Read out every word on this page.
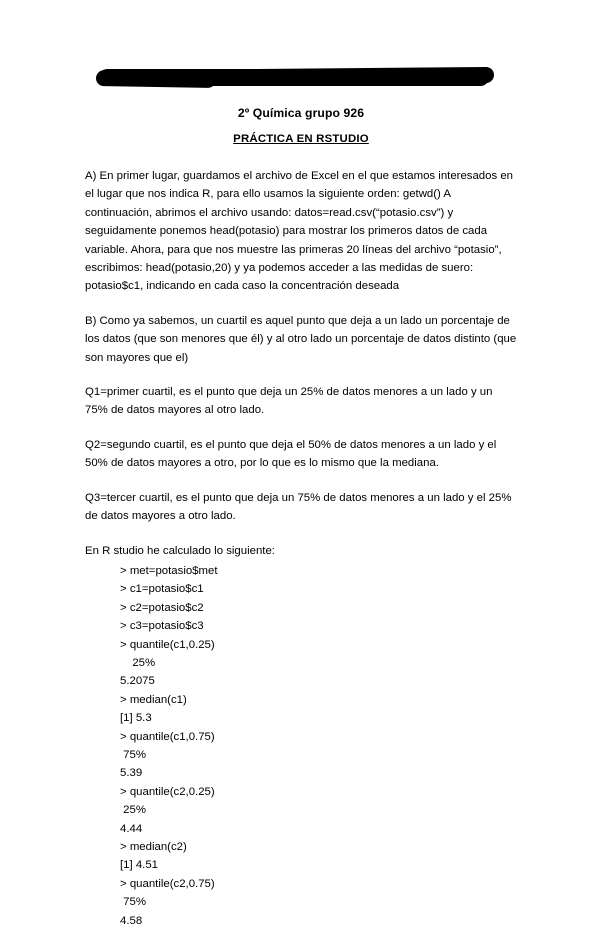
2º Química grupo 926
PRÁCTICA EN RSTUDIO

A) En primer lugar, guardamos el archivo de Excel en el que estamos interesados en el lugar que nos indica R, para ello usamos la siguiente orden: getwd() A continuación, abrimos el archivo usando: datos=read.csv(“potasio.csv”) y seguidamente ponemos head(potasio) para mostrar los primeros datos de cada variable. Ahora, para que nos muestre las primeras 20 líneas del archivo “potasio”, escribimos: head(potasio,20) y ya podemos acceder a las medidas de suero: potasio$c1, indicando en cada caso la concentración deseada

B) Como ya sabemos, un cuartil es aquel punto que deja a un lado un porcentaje de los datos (que son menores que él) y al otro lado un porcentaje de datos distinto (que son mayores que el)

Q1=primer cuartil, es el punto que deja un 25% de datos menores a un lado y un 75% de datos mayores al otro lado.

Q2=segundo cuartil, es el punto que deja el 50% de datos menores a un lado y el 50% de datos mayores a otro, por lo que es lo mismo que la mediana.

Q3=tercer cuartil, es el punto que deja un 75% de datos menores a un lado y el 25% de datos mayores a otro lado.

En R studio he calculado lo siguiente:

> met=potasio$met
> c1=potasio$c1
> c2=potasio$c2
> c3=potasio$c3
> quantile(c1,0.25)
25%
5.2075
> median(c1)
[1] 5.3
> quantile(c1,0.75)
75%
5.39
> quantile(c2,0.25)
25%
4.44
> median(c2)
[1] 4.51
> quantile(c2,0.75)
75%
4.58
